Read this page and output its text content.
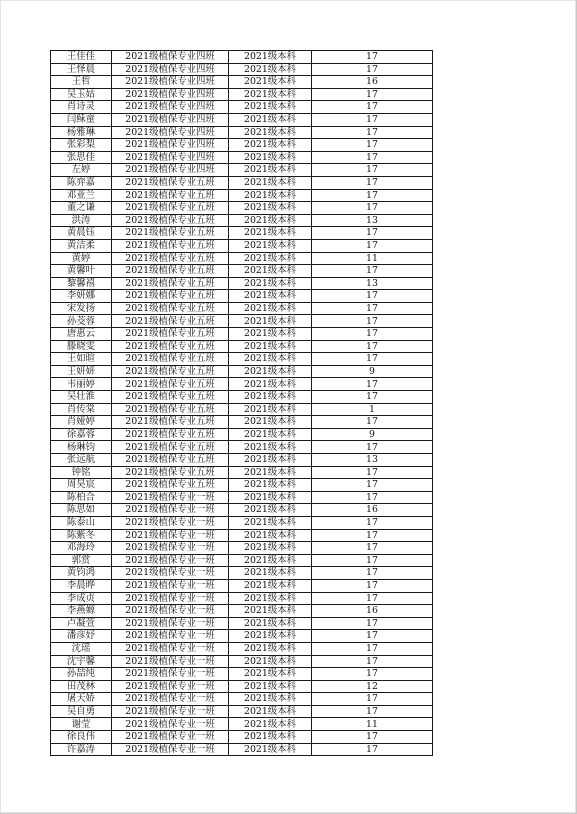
王佳佳	2021级植保专业四班	2021级本科	17
王怿晨	2021级植保专业四班	2021级本科	17
王哲	2021级植保专业四班	2021级本科	16
吴玉姑	2021级植保专业四班	2021级本科	17
肖诗灵	2021级植保专业四班	2021级本科	17
闫稣童	2021级植保专业四班	2021级本科	17
杨雅琳	2021级植保专业四班	2021级本科	17
张彩梨	2021级植保专业四班	2021级本科	17
张思佳	2021级植保专业四班	2021级本科	17
左婷	2021级植保专业四班	2021级本科	17
陈弈嘉	2021级植保专业五班	2021级本科	17
邓亚兰	2021级植保专业五班	2021级本科	17
董之谦	2021级植保专业五班	2021级本科	17
洪涛	2021级植保专业五班	2021级本科	13
黄晨钰	2021级植保专业五班	2021级本科	17
黄洁柔	2021级植保专业五班	2021级本科	17
黄婷	2021级植保专业五班	2021级本科	11
黄馨叶	2021级植保专业五班	2021级本科	17
黎馨禧	2021级植保专业五班	2021级本科	13
李妍娜	2021级植保专业五班	2021级本科	17
宋发扬	2021级植保专业五班	2021级本科	17
孙茭蓉	2021级植保专业五班	2021级本科	17
唐惠云	2021级植保专业五班	2021级本科	17
滕晓雯	2021级植保专业五班	2021级本科	17
王如暄	2021级植保专业五班	2021级本科	17
王妍妍	2021级植保专业五班	2021级本科	9
韦丽婷	2021级植保专业五班	2021级本科	17
吴壮淮	2021级植保专业五班	2021级本科	17
肖传棠	2021级植保专业五班	2021级本科	1
肖娅婷	2021级植保专业五班	2021级本科	17
徐嘉蓉	2021级植保专业五班	2021级本科	9
杨琳钧	2021级植保专业五班	2021级本科	17
张远航	2021级植保专业五班	2021级本科	13
钟铭	2021级植保专业五班	2021级本科	17
周昊宸	2021级植保专业五班	2021级本科	17
陈柏合	2021级植保专业一班	2021级本科	17
陈思如	2021级植保专业一班	2021级本科	16
陈泰山	2021级植保专业一班	2021级本科	17
陈紫冬	2021级植保专业一班	2021级本科	17
邓海玲	2021级植保专业一班	2021级本科	17
郭赏	2021级植保专业一班	2021级本科	17
黄钧鸿	2021级植保专业一班	2021级本科	17
李晨晔	2021级植保专业一班	2021级本科	17
李成贞	2021级植保专业一班	2021级本科	17
李燕嫄	2021级植保专业一班	2021级本科	16
卢凝萱	2021级植保专业一班	2021级本科	17
潘彦妤	2021级植保专业一班	2021级本科	17
沈瑶	2021级植保专业一班	2021级本科	17
沈宇馨	2021级植保专业一班	2021级本科	17
孙喆纯	2021级植保专业一班	2021级本科	17
田茂林	2021级植保专业一班	2021级本科	12
屠天娇	2021级植保专业一班	2021级本科	17
吴自勇	2021级植保专业一班	2021级本科	17
谢莹	2021级植保专业一班	2021级本科	11
徐良伟	2021级植保专业一班	2021级本科	17
许嘉涛	2021级植保专业一班	2021级本科	17
